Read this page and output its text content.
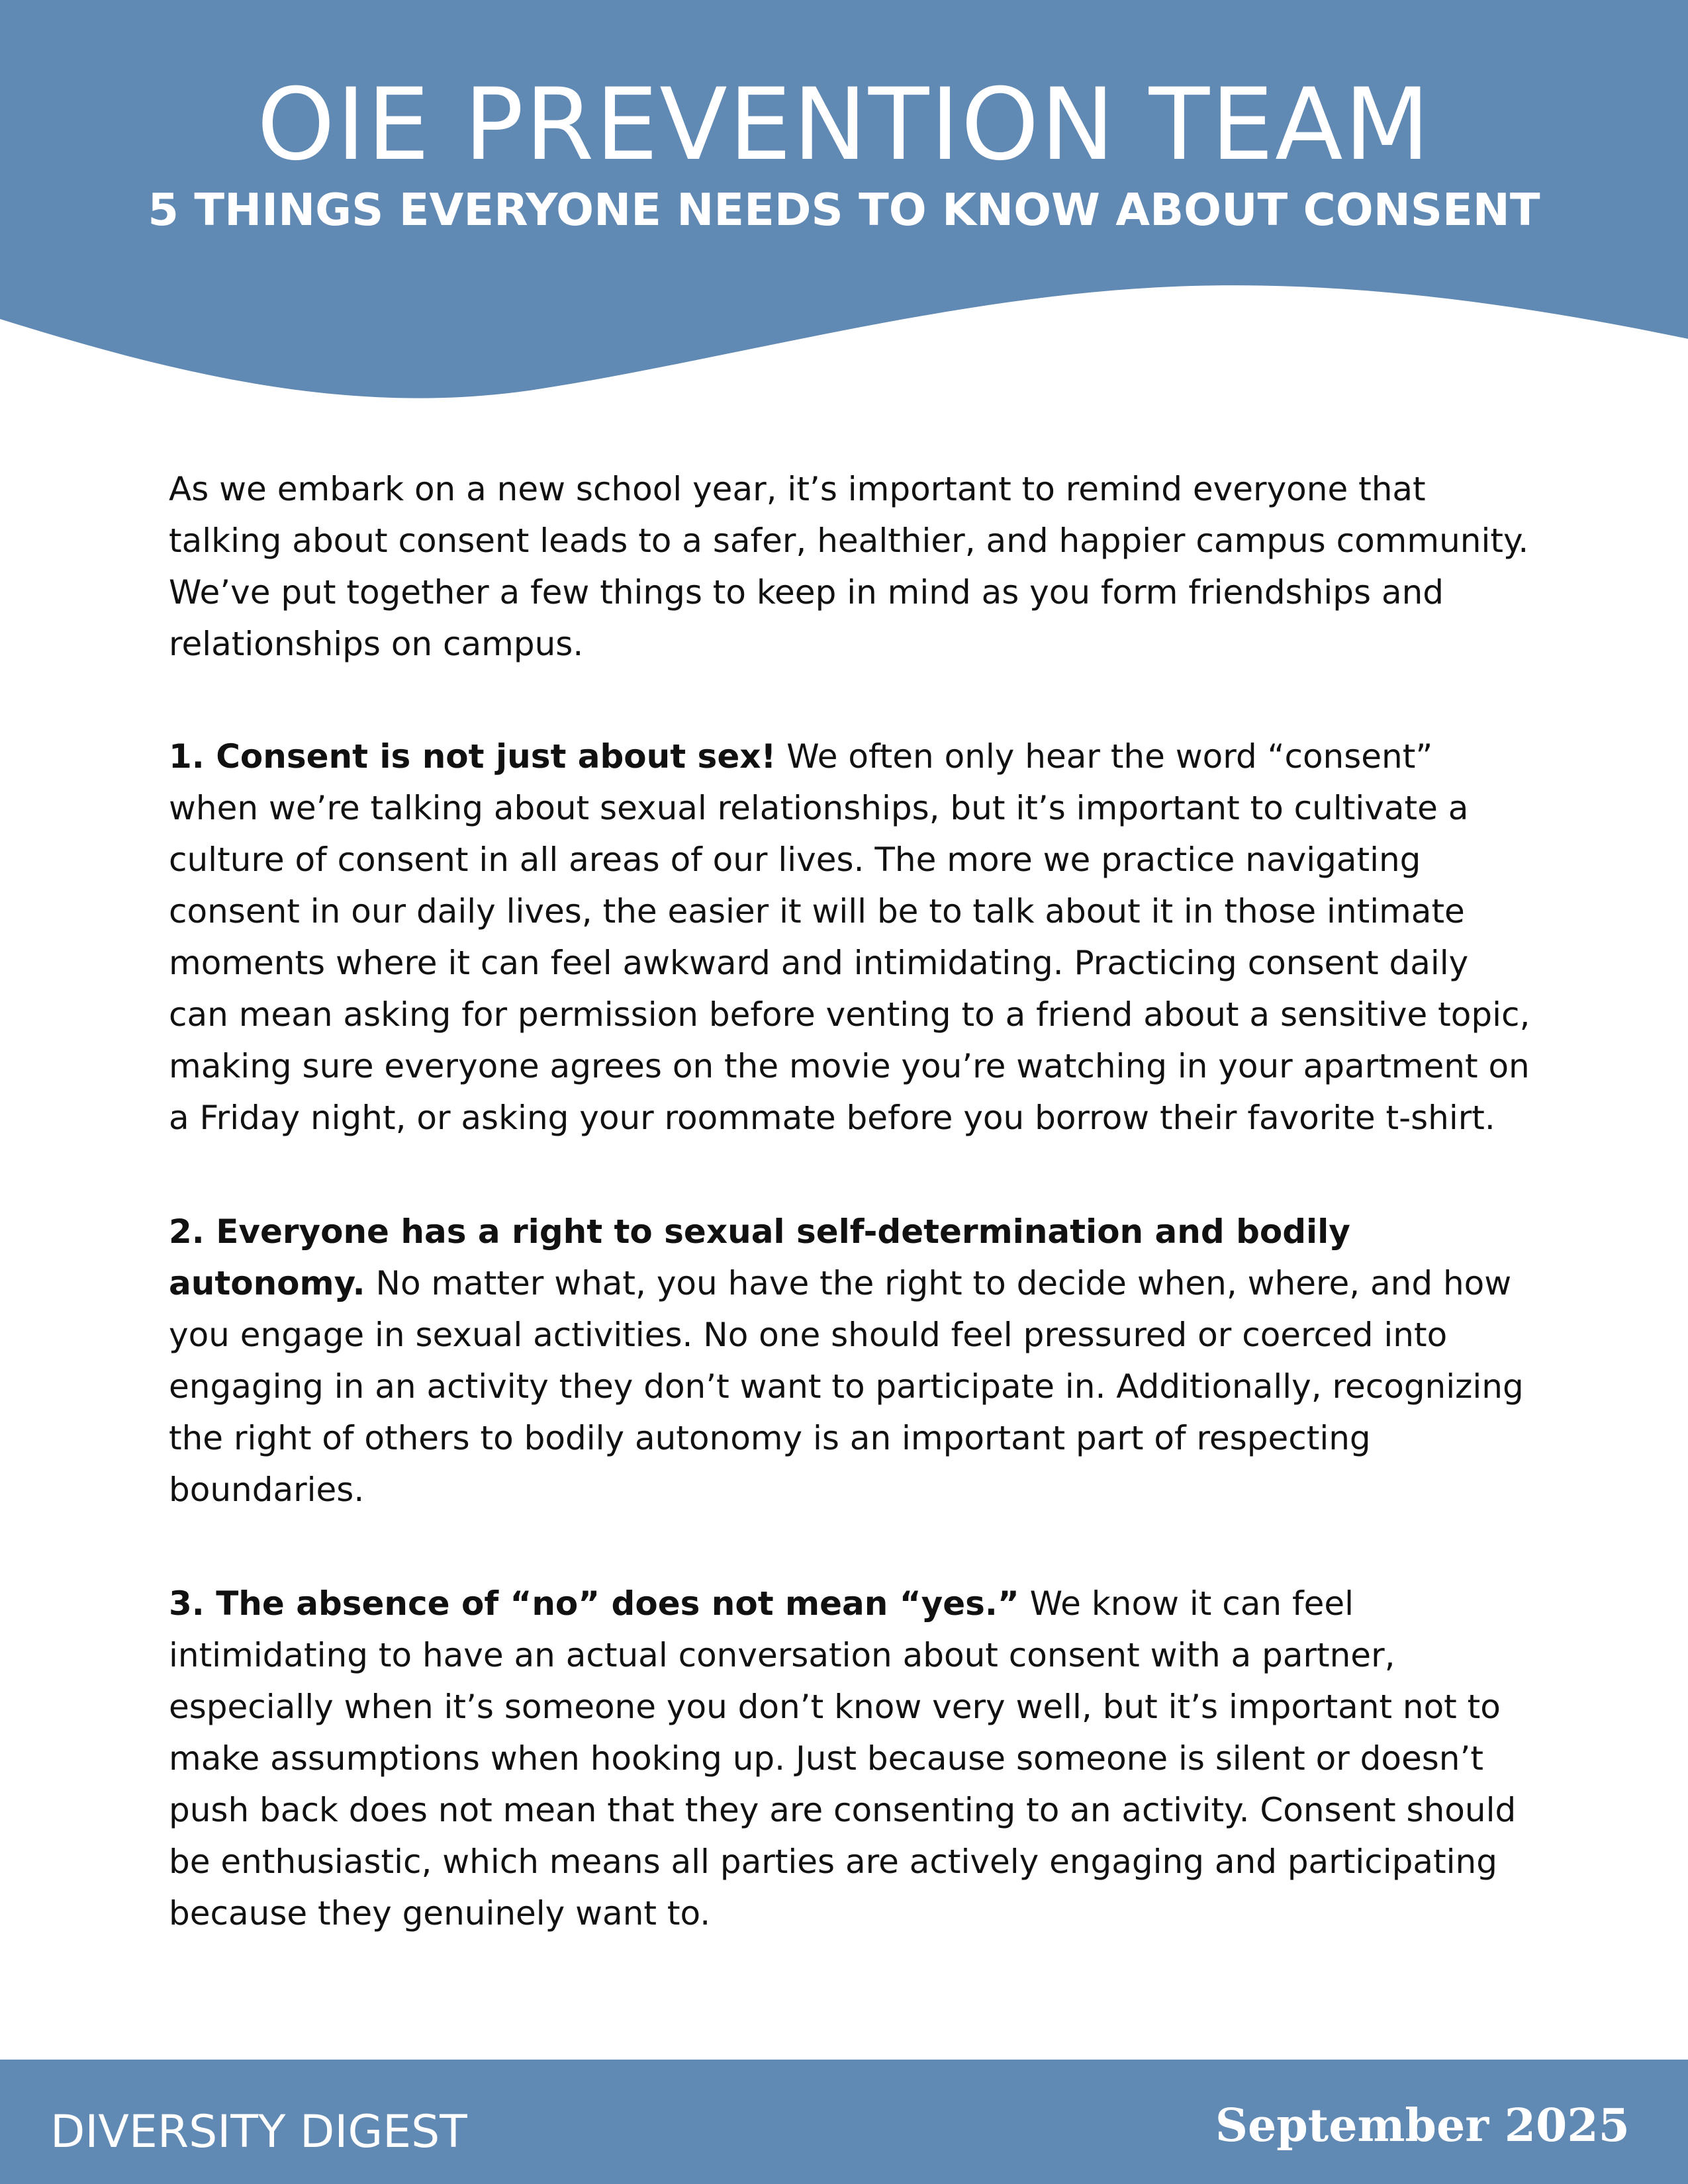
OIE PREVENTION TEAM
5 THINGS EVERYONE NEEDS TO KNOW ABOUT CONSENT

As we embark on a new school year, it’s important to remind everyone that talking about consent leads to a safer, healthier, and happier campus community. We’ve put together a few things to keep in mind as you form friendships and relationships on campus.

1. Consent is not just about sex! We often only hear the word “consent” when we’re talking about sexual relationships, but it’s important to cultivate a culture of consent in all areas of our lives. The more we practice navigating consent in our daily lives, the easier it will be to talk about it in those intimate moments where it can feel awkward and intimidating. Practicing consent daily can mean asking for permission before venting to a friend about a sensitive topic, making sure everyone agrees on the movie you’re watching in your apartment on a Friday night, or asking your roommate before you borrow their favorite t-shirt.

2. Everyone has a right to sexual self-determination and bodily autonomy. No matter what, you have the right to decide when, where, and how you engage in sexual activities. No one should feel pressured or coerced into engaging in an activity they don’t want to participate in. Additionally, recognizing the right of others to bodily autonomy is an important part of respecting boundaries.

3. The absence of “no” does not mean “yes.” We know it can feel intimidating to have an actual conversation about consent with a partner, especially when it’s someone you don’t know very well, but it’s important not to make assumptions when hooking up. Just because someone is silent or doesn’t push back does not mean that they are consenting to an activity. Consent should be enthusiastic, which means all parties are actively engaging and participating because they genuinely want to.

DIVERSITY DIGEST	September 2025
